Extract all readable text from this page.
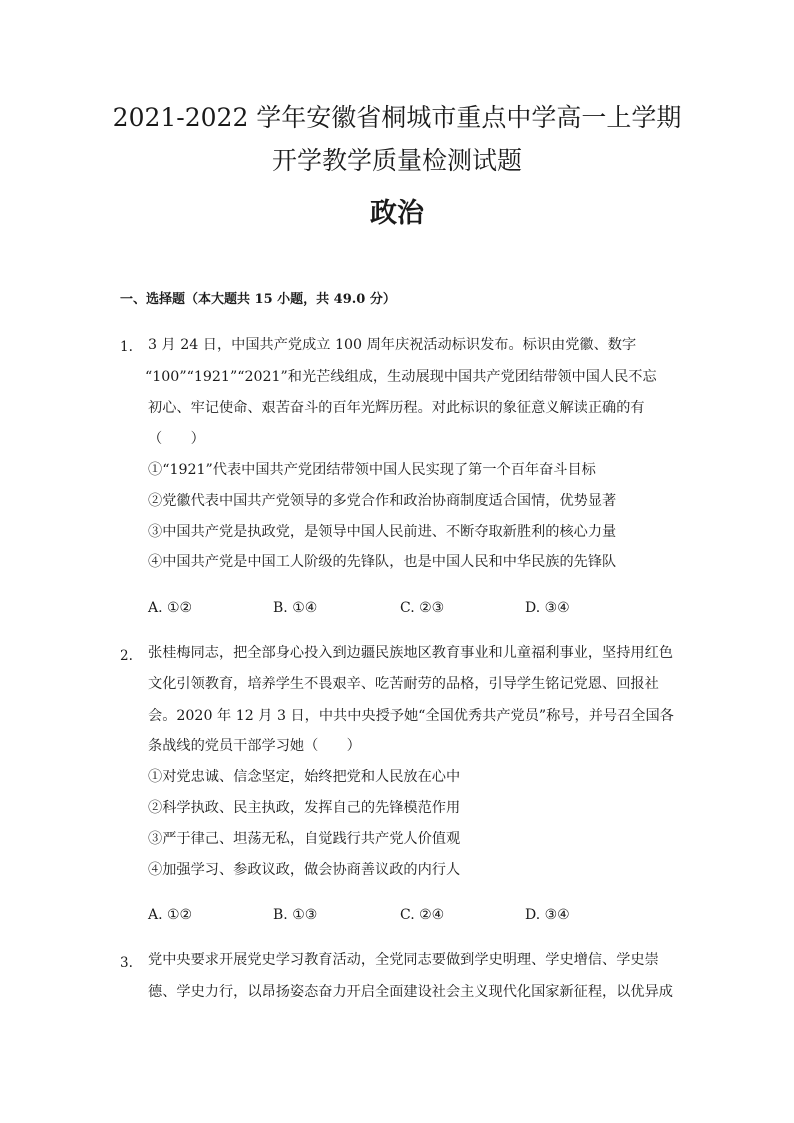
2021-2022 学年安徽省桐城市重点中学高一上学期
开学教学质量检测试题
政治
一、选择题（本大题共 15 小题，共 49.0 分）
1. 3 月 24 日，中国共产党成立 100 周年庆祝活动标识发布。标识由党徽、数字
“100”“1921”“2021”和光芒线组成，生动展现中国共产党团结带领中国人民不忘
初心、牢记使命、艰苦奋斗的百年光辉历程。对此标识的象征意义解读正确的有
（　　）
①“1921”代表中国共产党团结带领中国人民实现了第一个百年奋斗目标
②党徽代表中国共产党领导的多党合作和政治协商制度适合国情，优势显著
③中国共产党是执政党，是领导中国人民前进、不断夺取新胜利的核心力量
④中国共产党是中国工人阶级的先锋队，也是中国人民和中华民族的先锋队
A. ①②	B. ①④	C. ②③	D. ③④
2. 张桂梅同志，把全部身心投入到边疆民族地区教育事业和儿童福利事业，坚持用红色
文化引领教育，培养学生不畏艰辛、吃苦耐劳的品格，引导学生铭记党恩、回报社
会。2020 年 12 月 3 日，中共中央授予她“全国优秀共产党员”称号，并号召全国各
条战线的党员干部学习她（　　）
①对党忠诚、信念坚定，始终把党和人民放在心中
②科学执政、民主执政，发挥自己的先锋模范作用
③严于律己、坦荡无私，自觉践行共产党人价值观
④加强学习、参政议政，做会协商善议政的内行人
A. ①②	B. ①③	C. ②④	D. ③④
3. 党中央要求开展党史学习教育活动，全党同志要做到学史明理、学史增信、学史崇
德、学史力行，以昂扬姿态奋力开启全面建设社会主义现代化国家新征程，以优异成
